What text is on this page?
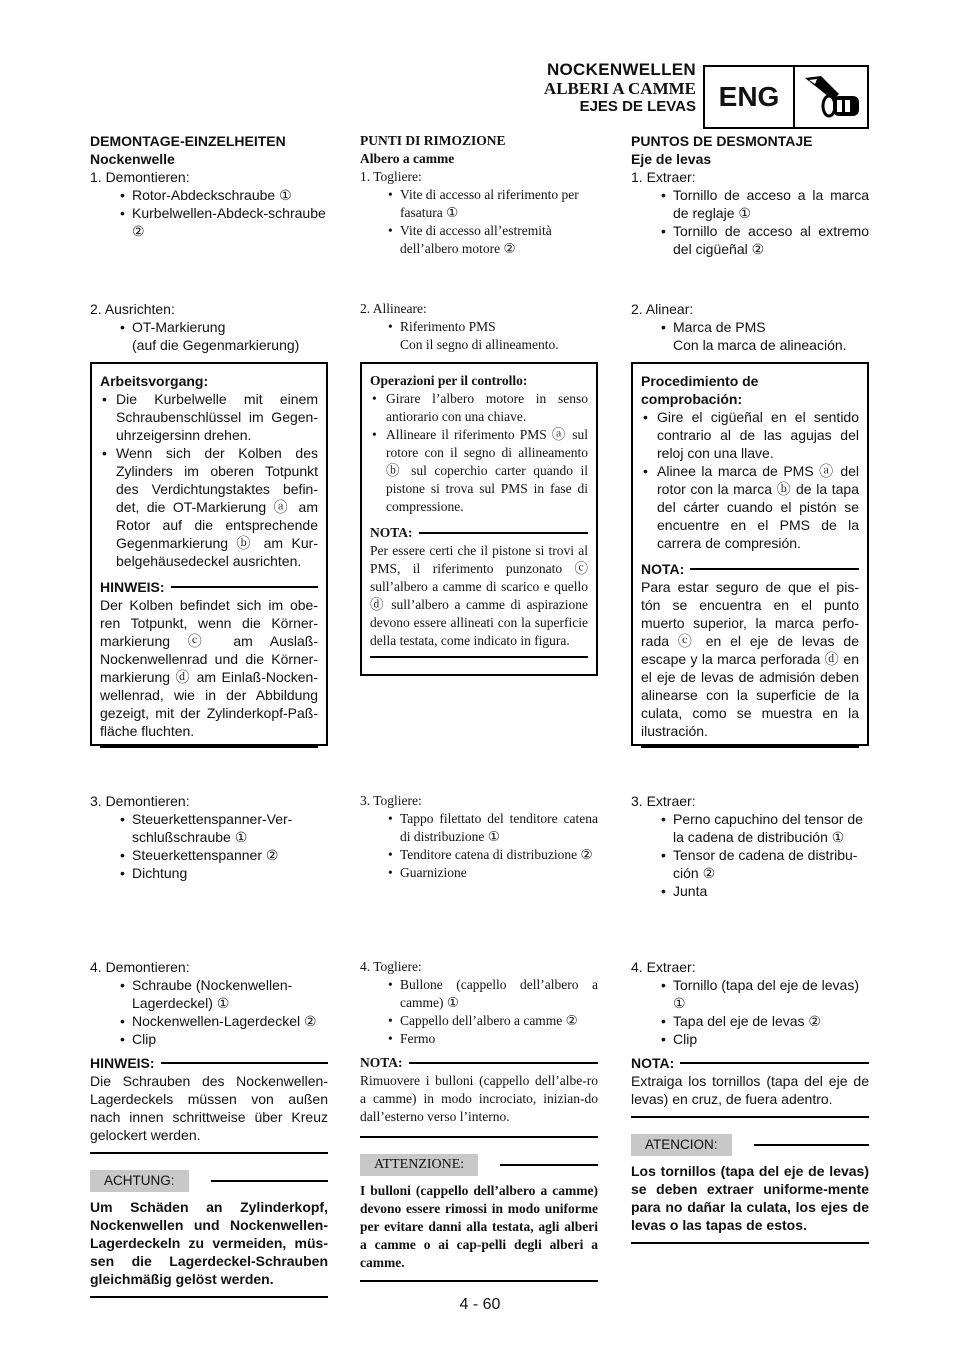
NOCKENWELLEN
ALBERI A CAMME
EJES DE LEVAS ENG
DEMONTAGE-EINZELHEITEN
Nockenwelle
1. Demontieren:
• Rotor-Abdeckschraube ①
• Kurbelwellen-Abdeck-schraube ②
2. Ausrichten:
• OT-Markierung
(auf die Gegenmarkierung)
Arbeitsvorgang:
• Die Kurbelwelle mit einem Schraubenschlüssel im Gegen-uhrzeigersinn drehen.
• Wenn sich der Kolben des Zylinders im oberen Totpunkt des Verdichtungstaktes befin-det, die OT-Markierung ⓐ am Rotor auf die entsprechende Gegenmarkierung ⓑ am Kur-belgehäusedeckel ausrichten.
HINWEIS:
Der Kolben befindet sich im obe-ren Totpunkt, wenn die Körner-markierung ⓒ am Auslaß-Nockenwellenrad und die Körner-markierung ⓓ am Einlaß-Nocken-wellenrad, wie in der Abbildung gezeigt, mit der Zylinderkopf-Paß-fläche fluchten.
3. Demontieren:
• Steuerkettenspanner-Ver-schlußschraube ①
• Steuerkettenspanner ②
• Dichtung
4. Demontieren:
• Schraube (Nockenwellen-Lagerdeckel) ①
• Nockenwellen-Lagerdeckel ②
• Clip
HINWEIS:
Die Schrauben des Nockenwellen-Lagerdeckels müssen von außen nach innen schrittweise über Kreuz gelockert werden.
ACHTUNG:
Um Schäden an Zylinderkopf, Nockenwellen und Nockenwellen-Lagerdeckeln zu vermeiden, müs-sen die Lagerdeckel-Schrauben gleichmäßig gelöst werden.
PUNTI DI RIMOZIONE
Albero a camme
1. Togliere:
• Vite di accesso al riferimento per fasatura ①
• Vite di accesso all’estremità dell’albero motore ②
2. Allineare:
• Riferimento PMS
Con il segno di allineamento.
Operazioni per il controllo:
• Girare l’albero motore in senso antiorario con una chiave.
• Allineare il riferimento PMS ⓐ sul rotore con il segno di allineamento ⓑ sul coperchio carter quando il pistone si trova sul PMS in fase di compressione.
NOTA:
Per essere certi che il pistone si trovi al PMS, il riferimento punzonato ⓒ sull’albero a camme di scarico e quello ⓓ sull’albero a camme di aspirazione devono essere allineati con la superficie della testata, come indicato in figura.
3. Togliere:
• Tappo filettato del tenditore catena di distribuzione ①
• Tenditore catena di distribuzione ②
• Guarnizione
4. Togliere:
• Bullone (cappello dell’albero a camme) ①
• Cappello dell’albero a camme ②
• Fermo
NOTA:
Rimuovere i bulloni (cappello dell’albe-ro a camme) in modo incrociato, inizian-do dall’esterno verso l’interno.
ATTENZIONE:
I bulloni (cappello dell’albero a camme) devono essere rimossi in modo uniforme per evitare danni alla testata, agli alberi a camme o ai cap-pelli degli alberi a camme.
PUNTOS DE DESMONTAJE
Eje de levas
1. Extraer:
• Tornillo de acceso a la marca de reglaje ①
• Tornillo de acceso al extremo del cigüeñal ②
2. Alinear:
• Marca de PMS
Con la marca de alineación.
Procedimiento de comprobación:
• Gire el cigüeñal en el sentido contrario al de las agujas del reloj con una llave.
• Alinee la marca de PMS ⓐ del rotor con la marca ⓑ de la tapa del cárter cuando el pistón se encuentre en el PMS de la carrera de compresión.
NOTA:
Para estar seguro de que el pis-tón se encuentra en el punto muerto superior, la marca perfo-rada ⓒ en el eje de levas de escape y la marca perforada ⓓ en el eje de levas de admisión deben alinearse con la superficie de la culata, como se muestra en la ilustración.
3. Extraer:
• Perno capuchino del tensor de la cadena de distribución ①
• Tensor de cadena de distribu-ción ②
• Junta
4. Extraer:
• Tornillo (tapa del eje de levas) ①
• Tapa del eje de levas ②
• Clip
NOTA:
Extraiga los tornillos (tapa del eje de levas) en cruz, de fuera adentro.
ATENCION:
Los tornillos (tapa del eje de levas) se deben extraer uniforme-mente para no dañar la culata, los ejes de levas o las tapas de estos.
4 - 60
